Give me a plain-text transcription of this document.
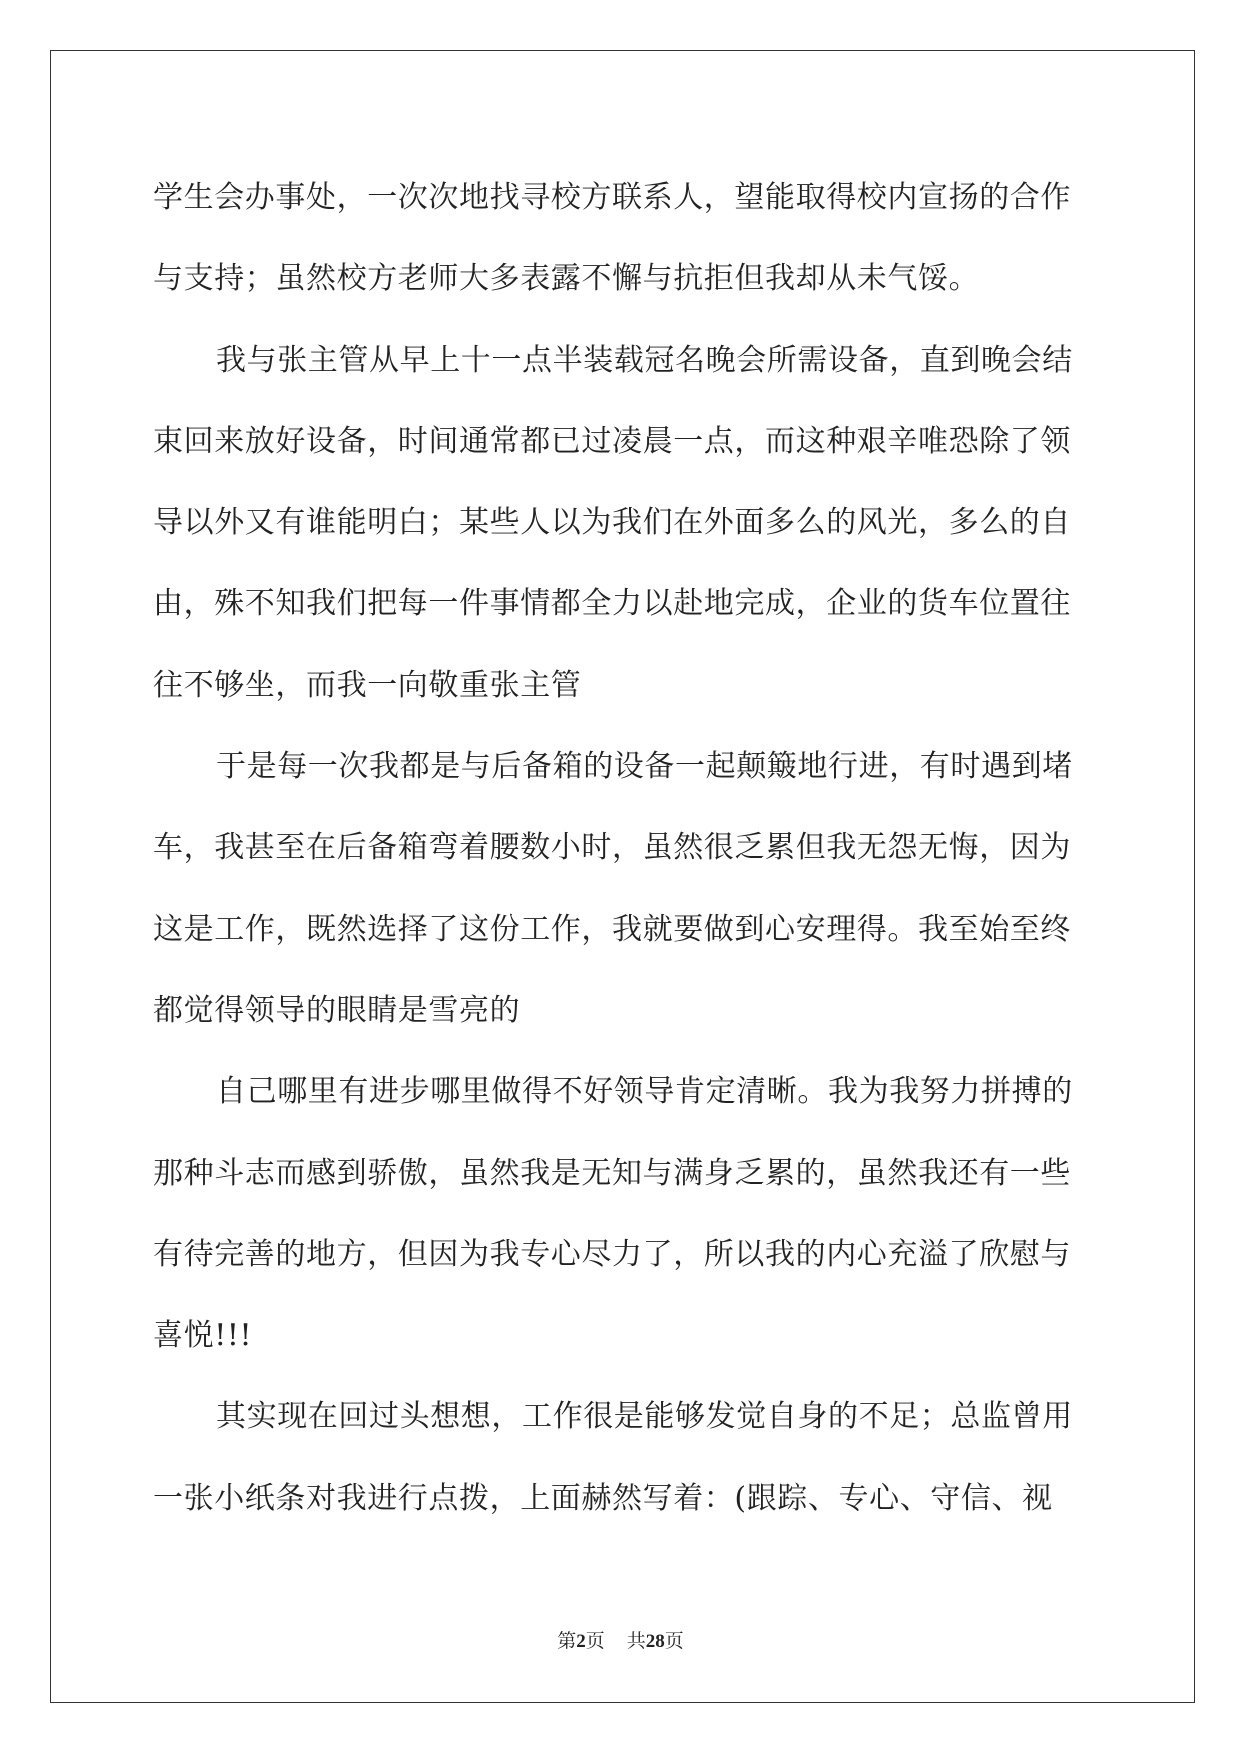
学生会办事处，一次次地找寻校方联系人，望能取得校内宣扬的合作
与支持；虽然校方老师大多表露不懈与抗拒但我却从未气馁。
我与张主管从早上十一点半装载冠名晚会所需设备，直到晚会结
束回来放好设备，时间通常都已过凌晨一点，而这种艰辛唯恐除了领
导以外又有谁能明白；某些人以为我们在外面多么的风光，多么的自
由，殊不知我们把每一件事情都全力以赴地完成，企业的货车位置往
往不够坐，而我一向敬重张主管
于是每一次我都是与后备箱的设备一起颠簸地行进，有时遇到堵
车，我甚至在后备箱弯着腰数小时，虽然很乏累但我无怨无悔，因为
这是工作，既然选择了这份工作，我就要做到心安理得。我至始至终
都觉得领导的眼睛是雪亮的
自己哪里有进步哪里做得不好领导肯定清晰。我为我努力拼搏的
那种斗志而感到骄傲，虽然我是无知与满身乏累的，虽然我还有一些
有待完善的地方，但因为我专心尽力了，所以我的内心充溢了欣慰与
喜悦!!!
其实现在回过头想想，工作很是能够发觉自身的不足；总监曾用
一张小纸条对我进行点拨，上面赫然写着：(跟踪、专心、守信、视
第2页 共28页
